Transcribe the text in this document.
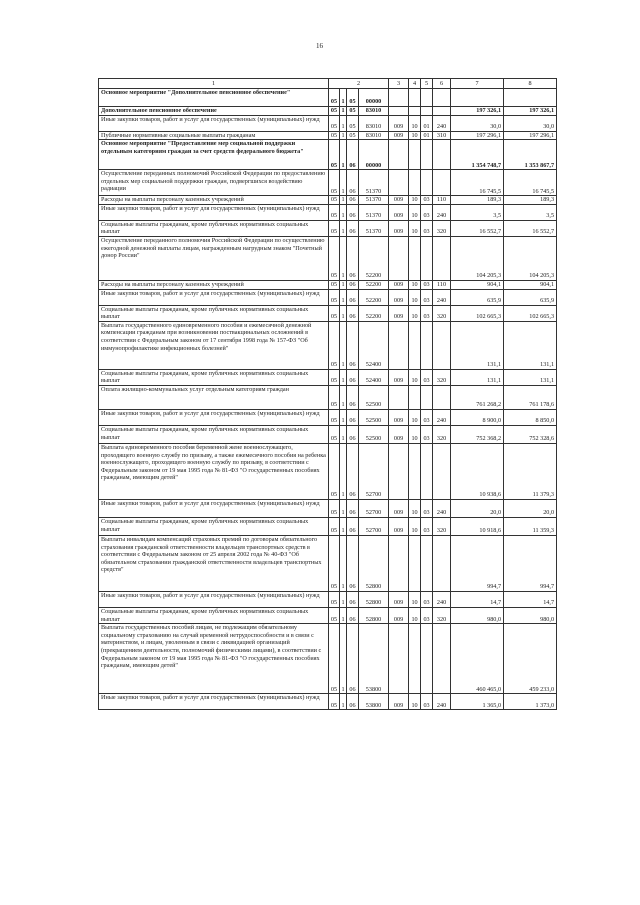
16
1	2				3	4	5	6	7	8
Основное мероприятие "Дополнительное пенсионное обеспечение"	05	1	05	00000						
Дополнительное пенсионное обеспечение	05	1	05	83010					197 326,1	197 326,1
Иные закупки товаров, работ и услуг для государственных (муниципальных) нужд	05	1	05	83010	009	10	01	240	30,0	30,0
Публичные нормативные социальные выплаты гражданам	05	1	05	83010	009	10	01	310	197 296,1	197 296,1
Основное мероприятие "Предоставление мер социальной поддержки отдельным категориям граждан за счет средств федерального бюджета"	05	1	06	00000					1 354 748,7	1 353 867,7
Осуществление переданных полномочий Российской Федерации по предоставлению отдельных мер социальной поддержки граждан, подвергшихся воздействию радиации	05	1	06	51370					16 745,5	16 745,5
Расходы на выплаты персоналу казенных учреждений	05	1	06	51370	009	10	03	110	189,3	189,3
Иные закупки товаров, работ и услуг для государственных (муниципальных) нужд	05	1	06	51370	009	10	03	240	3,5	3,5
Социальные выплаты гражданам, кроме публичных нормативных социальных выплат	05	1	06	51370	009	10	03	320	16 552,7	16 552,7
Осуществление переданного полномочия Российской Федерации по осуществлению ежегодной денежной выплаты лицам, награжденным нагрудным знаком "Почетный донор России"	05	1	06	52200					104 205,3	104 205,3
Расходы на выплаты персоналу казенных учреждений	05	1	06	52200	009	10	03	110	904,1	904,1
Иные закупки товаров, работ и услуг для государственных (муниципальных) нужд	05	1	06	52200	009	10	03	240	635,9	635,9
Социальные выплаты гражданам, кроме публичных нормативных социальных выплат	05	1	06	52200	009	10	03	320	102 665,3	102 665,3
Выплата государственного единовременного пособия и ежемесячной денежной компенсации гражданам при возникновении поствакцинальных осложнений в соответствии с Федеральным законом от 17 сентября 1998 года № 157-ФЗ "Об иммунопрофилактике инфекционных болезней"	05	1	06	52400					131,1	131,1
Социальные выплаты гражданам, кроме публичных нормативных социальных выплат	05	1	06	52400	009	10	03	320	131,1	131,1
Оплата жилищно-коммунальных услуг отдельным категориям граждан	05	1	06	52500					761 268,2	761 178,6
Иные закупки товаров, работ и услуг для государственных (муниципальных) нужд	05	1	06	52500	009	10	03	240	8 900,0	8 850,0
Социальные выплаты гражданам, кроме публичных нормативных социальных выплат	05	1	06	52500	009	10	03	320	752 368,2	752 328,6
Выплата единовременного пособия беременной жене военнослужащего, проходящего военную службу по призыву, а также ежемесячного пособия на ребенка военнослужащего, проходящего военную службу по призыву, в соответствии с Федеральным законом от 19 мая 1995 года № 81-ФЗ "О государственных пособиях гражданам, имеющим детей"	05	1	06	52700					10 938,6	11 379,3
Иные закупки товаров, работ и услуг для государственных (муниципальных) нужд	05	1	06	52700	009	10	03	240	20,0	20,0
Социальные выплаты гражданам, кроме публичных нормативных социальных выплат	05	1	06	52700	009	10	03	320	10 918,6	11 359,3
Выплаты инвалидам компенсаций страховых премий по договорам обязательного страхования гражданской ответственности владельцев транспортных средств в соответствии с Федеральным законом от 25 апреля 2002 года № 40-ФЗ "Об обязательном страховании гражданской ответственности владельцев транспортных средств"	05	1	06	52800					994,7	994,7
Иные закупки товаров, работ и услуг для государственных (муниципальных) нужд	05	1	06	52800	009	10	03	240	14,7	14,7
Социальные выплаты гражданам, кроме публичных нормативных социальных выплат	05	1	06	52800	009	10	03	320	980,0	980,0
Выплата государственных пособий лицам, не подлежащим обязательному социальному страхованию на случай временной нетрудоспособности и в связи с материнством, и лицам, уволенным в связи с ликвидацией организаций (прекращением деятельности, полномочий физическими лицами), в соответствии с Федеральным законом от 19 мая 1995 года № 81-ФЗ "О государственных пособиях гражданам, имеющим детей"	05	1	06	53800					460 465,0	459 233,0
Иные закупки товаров, работ и услуг для государственных (муниципальных) нужд	05	1	06	53800	009	10	03	240	1 365,0	1 373,0
